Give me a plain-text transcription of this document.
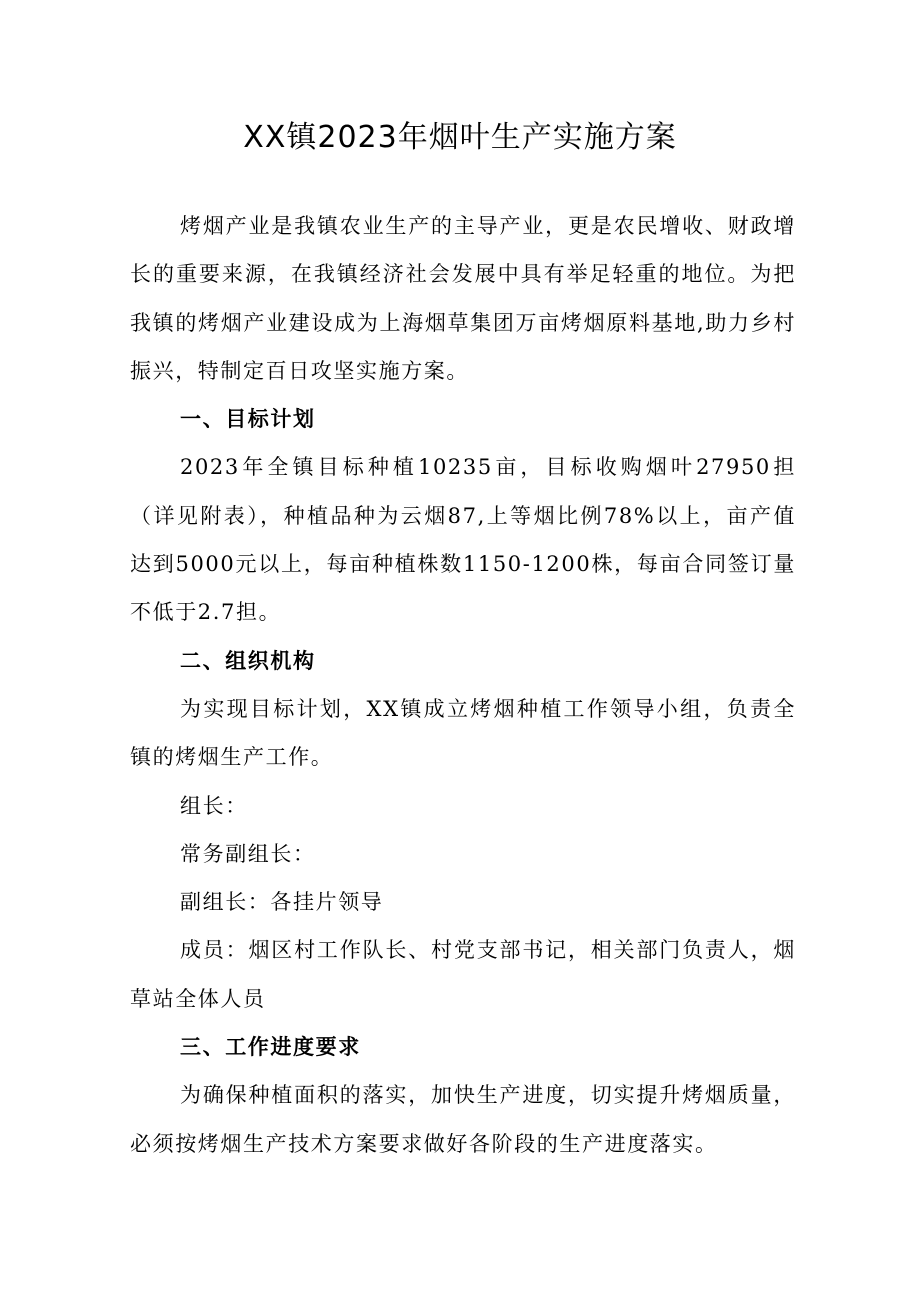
XX镇2023年烟叶生产实施方案

烤烟产业是我镇农业生产的主导产业，更是农民增收、财政增长的重要来源，在我镇经济社会发展中具有举足轻重的地位。为把我镇的烤烟产业建设成为上海烟草集团万亩烤烟原料基地,助力乡村振兴，特制定百日攻坚实施方案。

一、目标计划

2023年全镇目标种植10235亩，目标收购烟叶27950担（详见附表），种植品种为云烟87,上等烟比例78%以上，亩产值达到5000元以上，每亩种植株数1150-1200株，每亩合同签订量不低于2.7担。

二、组织机构

为实现目标计划，XX镇成立烤烟种植工作领导小组，负责全镇的烤烟生产工作。

组长：

常务副组长：

副组长：各挂片领导

成员：烟区村工作队长、村党支部书记，相关部门负责人，烟草站全体人员

三、工作进度要求

为确保种植面积的落实，加快生产进度，切实提升烤烟质量，必须按烤烟生产技术方案要求做好各阶段的生产进度落实。
